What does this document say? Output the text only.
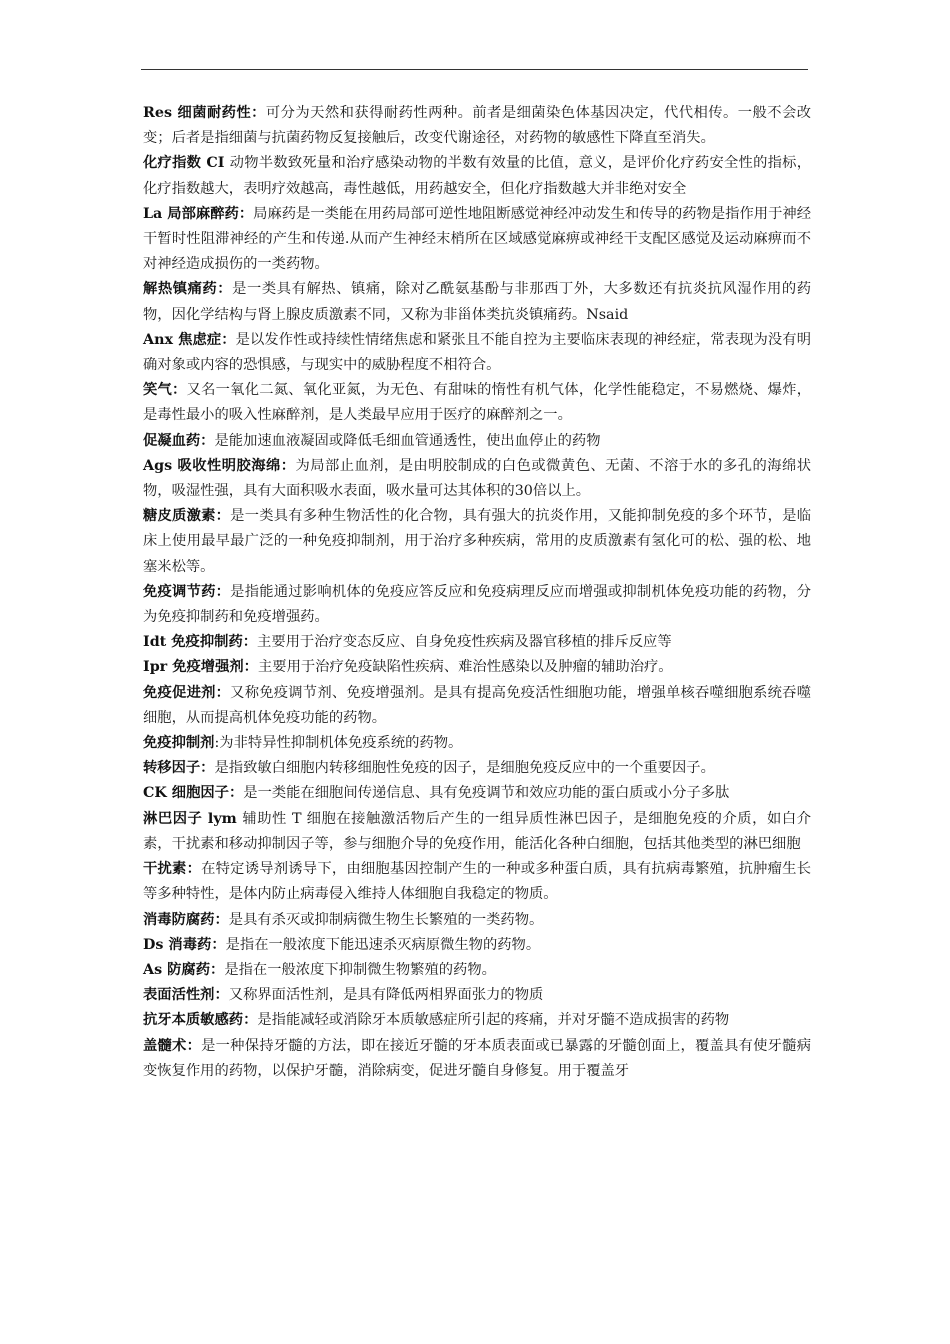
Res 细菌耐药性：可分为天然和获得耐药性两种。前者是细菌染色体基因决定，代代相传。一般不会改变；后者是指细菌与抗菌药物反复接触后，改变代谢途径，对药物的敏感性下降直至消失。

化疗指数 CI 动物半数致死量和治疗感染动物的半数有效量的比值，意义，是评价化疗药安全性的指标，化疗指数越大，表明疗效越高，毒性越低，用药越安全，但化疗指数越大并非绝对安全

La 局部麻醉药：局麻药是一类能在用药局部可逆性地阻断感觉神经冲动发生和传导的药物是指作用于神经干暂时性阻滞神经的产生和传递.从而产生神经末梢所在区域感觉麻痹或神经干支配区感觉及运动麻痹而不对神经造成损伤的一类药物。

解热镇痛药：是一类具有解热、镇痛，除对乙酰氨基酚与非那西丁外，大多数还有抗炎抗风湿作用的药物，因化学结构与肾上腺皮质激素不同，又称为非甾体类抗炎镇痛药。Nsaid

Anx 焦虑症：是以发作性或持续性情绪焦虑和紧张且不能自控为主要临床表现的神经症，常表现为没有明确对象或内容的恐惧感，与现实中的威胁程度不相符合。

笑气：又名一氧化二氮、氧化亚氮，为无色、有甜味的惰性有机气体，化学性能稳定，不易燃烧、爆炸，是毒性最小的吸入性麻醉剂，是人类最早应用于医疗的麻醉剂之一。

促凝血药：是能加速血液凝固或降低毛细血管通透性，使出血停止的药物

Ags 吸收性明胶海绵：为局部止血剂，是由明胶制成的白色或微黄色、无菌、不溶于水的多孔的海绵状物，吸湿性强，具有大面积吸水表面，吸水量可达其体积的30倍以上。

糖皮质激素：是一类具有多种生物活性的化合物，具有强大的抗炎作用，又能抑制免疫的多个环节，是临床上使用最早最广泛的一种免疫抑制剂，用于治疗多种疾病，常用的皮质激素有氢化可的松、强的松、地塞米松等。

免疫调节药：是指能通过影响机体的免疫应答反应和免疫病理反应而增强或抑制机体免疫功能的药物，分为免疫抑制药和免疫增强药。

Idt 免疫抑制药：主要用于治疗变态反应、自身免疫性疾病及器官移植的排斥反应等

Ipr 免疫增强剂：主要用于治疗免疫缺陷性疾病、难治性感染以及肿瘤的辅助治疗。

免疫促进剂：又称免疫调节剂、免疫增强剂。是具有提高免疫活性细胞功能，增强单核吞噬细胞系统吞噬细胞，从而提高机体免疫功能的药物。

免疫抑制剂:为非特异性抑制机体免疫系统的药物。

转移因子：是指致敏白细胞内转移细胞性免疫的因子，是细胞免疫反应中的一个重要因子。

CK 细胞因子：是一类能在细胞间传递信息、具有免疫调节和效应功能的蛋白质或小分子多肽

淋巴因子 lym 辅助性 T 细胞在接触激活物后产生的一组异质性淋巴因子，是细胞免疫的介质，如白介素，干扰素和移动抑制因子等，参与细胞介导的免疫作用，能活化各种白细胞，包括其他类型的淋巴细胞

干扰素：在特定诱导剂诱导下，由细胞基因控制产生的一种或多种蛋白质，具有抗病毒繁殖，抗肿瘤生长等多种特性，是体内防止病毒侵入维持人体细胞自我稳定的物质。

消毒防腐药：是具有杀灭或抑制病微生物生长繁殖的一类药物。

Ds 消毒药：是指在一般浓度下能迅速杀灭病原微生物的药物。

As 防腐药：是指在一般浓度下抑制微生物繁殖的药物。

表面活性剂：又称界面活性剂，是具有降低两相界面张力的物质

抗牙本质敏感药：是指能减轻或消除牙本质敏感症所引起的疼痛，并对牙髓不造成损害的药物

盖髓术：是一种保持牙髓的方法，即在接近牙髓的牙本质表面或已暴露的牙髓创面上，覆盖具有使牙髓病变恢复作用的药物，以保护牙髓，消除病变，促进牙髓自身修复。用于覆盖牙
